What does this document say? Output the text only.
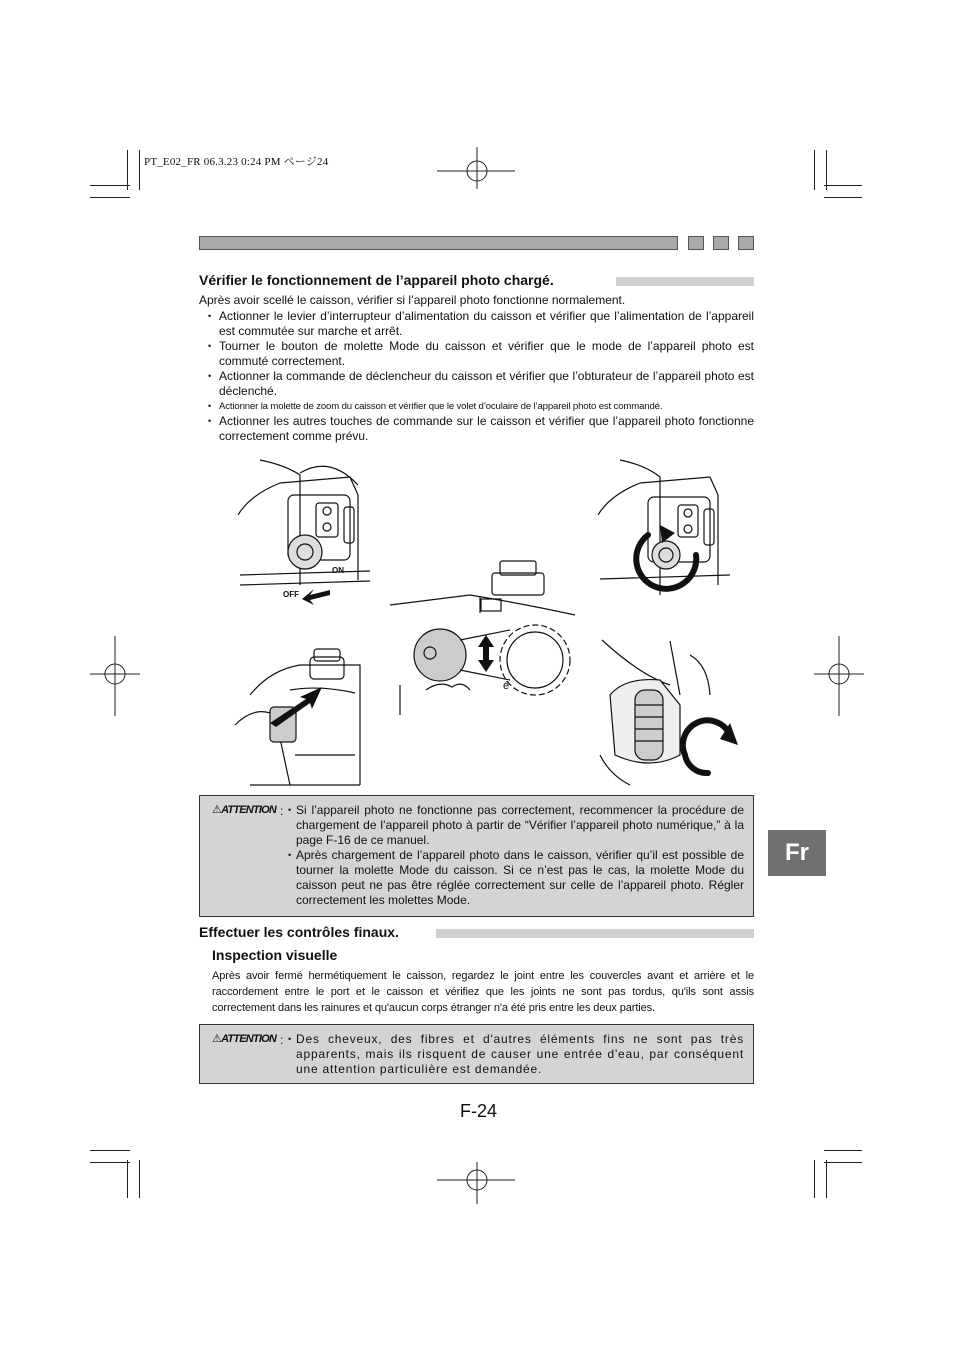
PT_E02_FR 06.3.23 0:24 PM ページ24
Vérifier le fonctionnement de l’appareil photo chargé.
Après avoir scellé le caisson, vérifier si l’appareil photo fonctionne normalement.
• Actionner le levier d’interrupteur d’alimentation du caisson et vérifier que l’alimentation de l’appareil est commutée sur marche et arrêt.
• Tourner le bouton de molette Mode du caisson et vérifier que le mode de l’appareil photo est commuté correctement.
• Actionner la commande de déclencheur du caisson et vérifier que l’obturateur de l’appareil photo est déclenché.
• Actionner la molette de zoom du caisson et vérifier que le volet d’oculaire de l’appareil photo est commandé.
• Actionner les autres touches de commande sur le caisson et vérifier que l’appareil photo fonctionne correctement comme prévu.
ON
OFF
é
⚠ATTENTION :	• Si l’appareil photo ne fonctionne pas correctement, recommencer la procédure de chargement de l’appareil photo à partir de “Vérifier l’appareil photo numérique,” à la page F-16 de ce manuel.
• Après chargement de l’appareil photo dans le caisson, vérifier qu’il est possible de tourner la molette Mode du caisson. Si ce n’est pas le cas, la molette Mode du caisson peut ne pas être réglée correctement sur celle de l’appareil photo. Régler correctement les molettes Mode.
Effectuer les contrôles finaux.
Inspection visuelle
Après avoir fermé hermétiquement le caisson, regardez le joint entre les couvercles avant et arrière et le raccordement entre le port et le caisson et vérifiez que les joints ne sont pas tordus, qu'ils sont assis correctement dans les rainures et qu'aucun corps étranger n'a été pris entre les deux parties.
⚠ATTENTION :	• Des cheveux, des fibres et d'autres éléments fins ne sont pas très apparents, mais ils risquent de causer une entrée d'eau, par conséquent une attention particulière est demandée.
Fr
F-24
